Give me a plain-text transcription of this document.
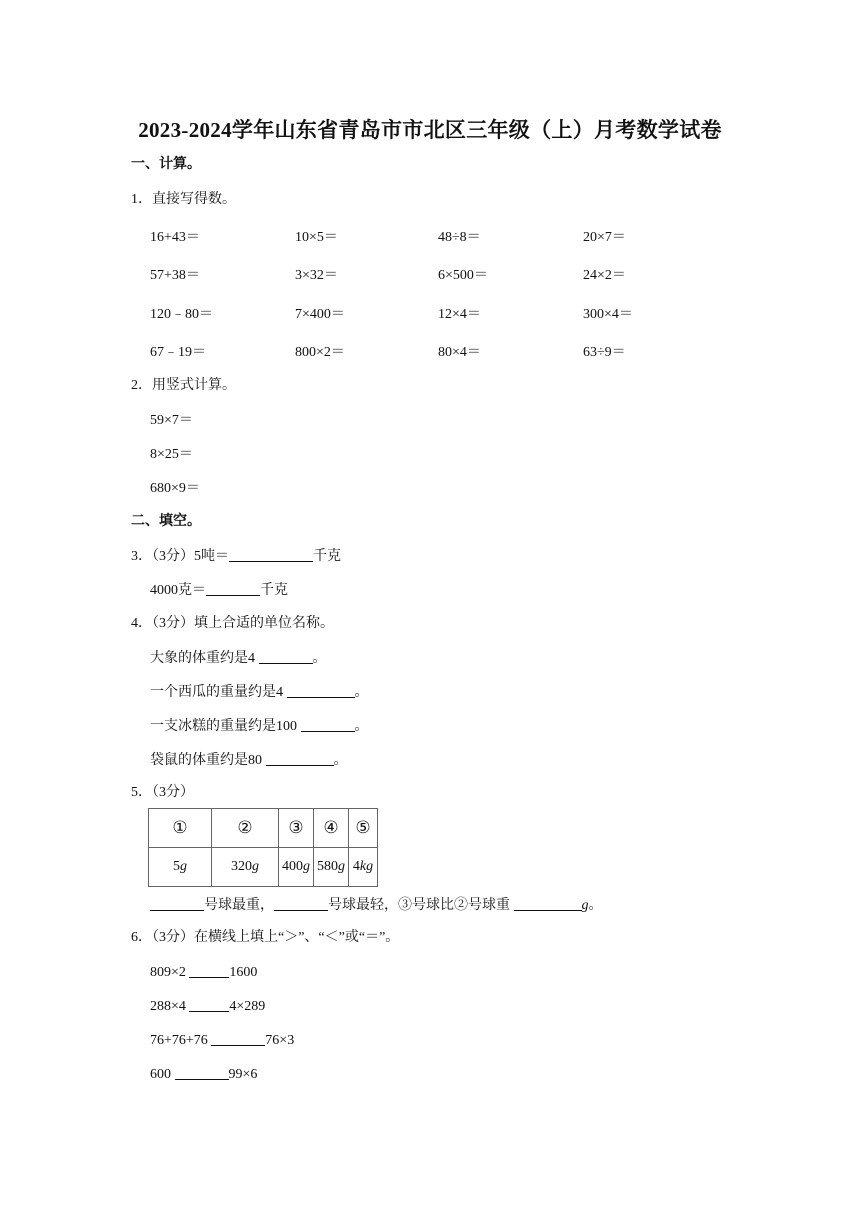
2023-2024学年山东省青岛市市北区三年级（上）月考数学试卷
一、计算。
1．直接写得数。
16+43＝	10×5＝	48÷8＝	20×7＝
57+38＝	3×32＝	6×500＝	24×2＝
120﹣80＝	7×400＝	12×4＝	300×4＝
67﹣19＝	800×2＝	80×4＝	63÷9＝
2．用竖式计算。
59×7＝
8×25＝
680×9＝
二、填空。
3．（3分）5吨＝	千克
4000克＝	千克
4．（3分）填上合适的单位名称。
大象的体重约是4	。
一个西瓜的重量约是4	。
一支冰糕的重量约是100	。
袋鼠的体重约是80	。
5．（3分）
①	②	③	④	⑤
5g	320g	400g	580g	4kg
号球最重，	号球最轻，③号球比②号球重	g。
6．（3分）在横线上填上“＞”、“＜”或“＝”。
809×2	1600
288×4	4×289
76+76+76	76×3
600	99×6
